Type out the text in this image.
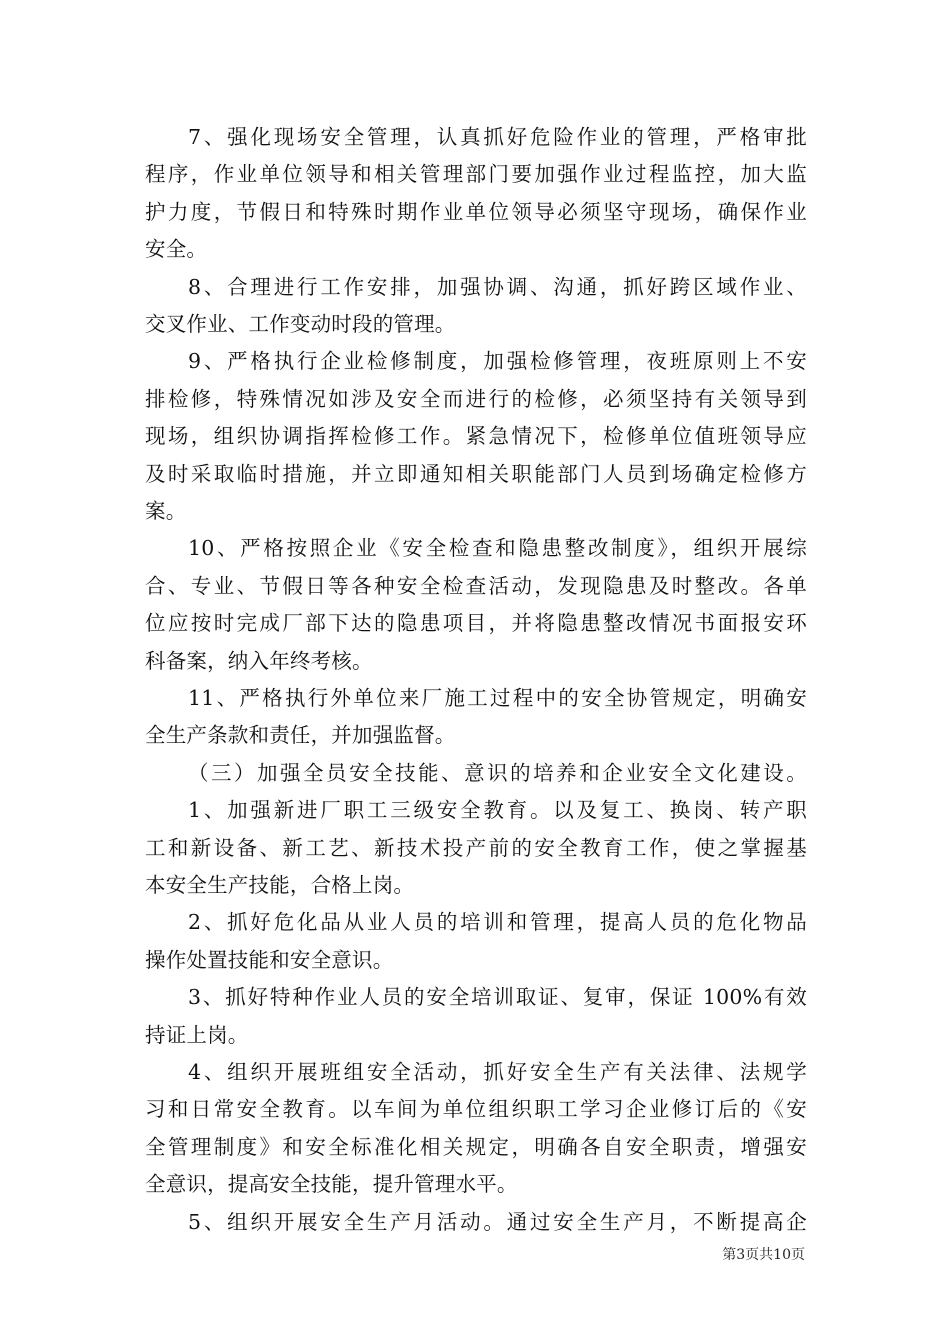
7、强化现场安全管理，认真抓好危险作业的管理，严格审批
程序，作业单位领导和相关管理部门要加强作业过程监控，加大监
护力度，节假日和特殊时期作业单位领导必须坚守现场，确保作业
安全。
8、合理进行工作安排，加强协调、沟通，抓好跨区域作业、
交叉作业、工作变动时段的管理。
9、严格执行企业检修制度，加强检修管理，夜班原则上不安
排检修，特殊情况如涉及安全而进行的检修，必须坚持有关领导到
现场，组织协调指挥检修工作。紧急情况下，检修单位值班领导应
及时采取临时措施，并立即通知相关职能部门人员到场确定检修方
案。
10、严格按照企业《安全检查和隐患整改制度》，组织开展综
合、专业、节假日等各种安全检查活动，发现隐患及时整改。各单
位应按时完成厂部下达的隐患项目，并将隐患整改情况书面报安环
科备案，纳入年终考核。
11、严格执行外单位来厂施工过程中的安全协管规定，明确安
全生产条款和责任，并加强监督。
（三）加强全员安全技能、意识的培养和企业安全文化建设。
1、加强新进厂职工三级安全教育。以及复工、换岗、转产职
工和新设备、新工艺、新技术投产前的安全教育工作，使之掌握基
本安全生产技能，合格上岗。
2、抓好危化品从业人员的培训和管理，提高人员的危化物品
操作处置技能和安全意识。
3、抓好特种作业人员的安全培训取证、复审，保证 100%有效
持证上岗。
4、组织开展班组安全活动，抓好安全生产有关法律、法规学
习和日常安全教育。以车间为单位组织职工学习企业修订后的《安
全管理制度》和安全标准化相关规定，明确各自安全职责，增强安
全意识，提高安全技能，提升管理水平。
5、组织开展安全生产月活动。通过安全生产月，不断提高企
第3页共10页
